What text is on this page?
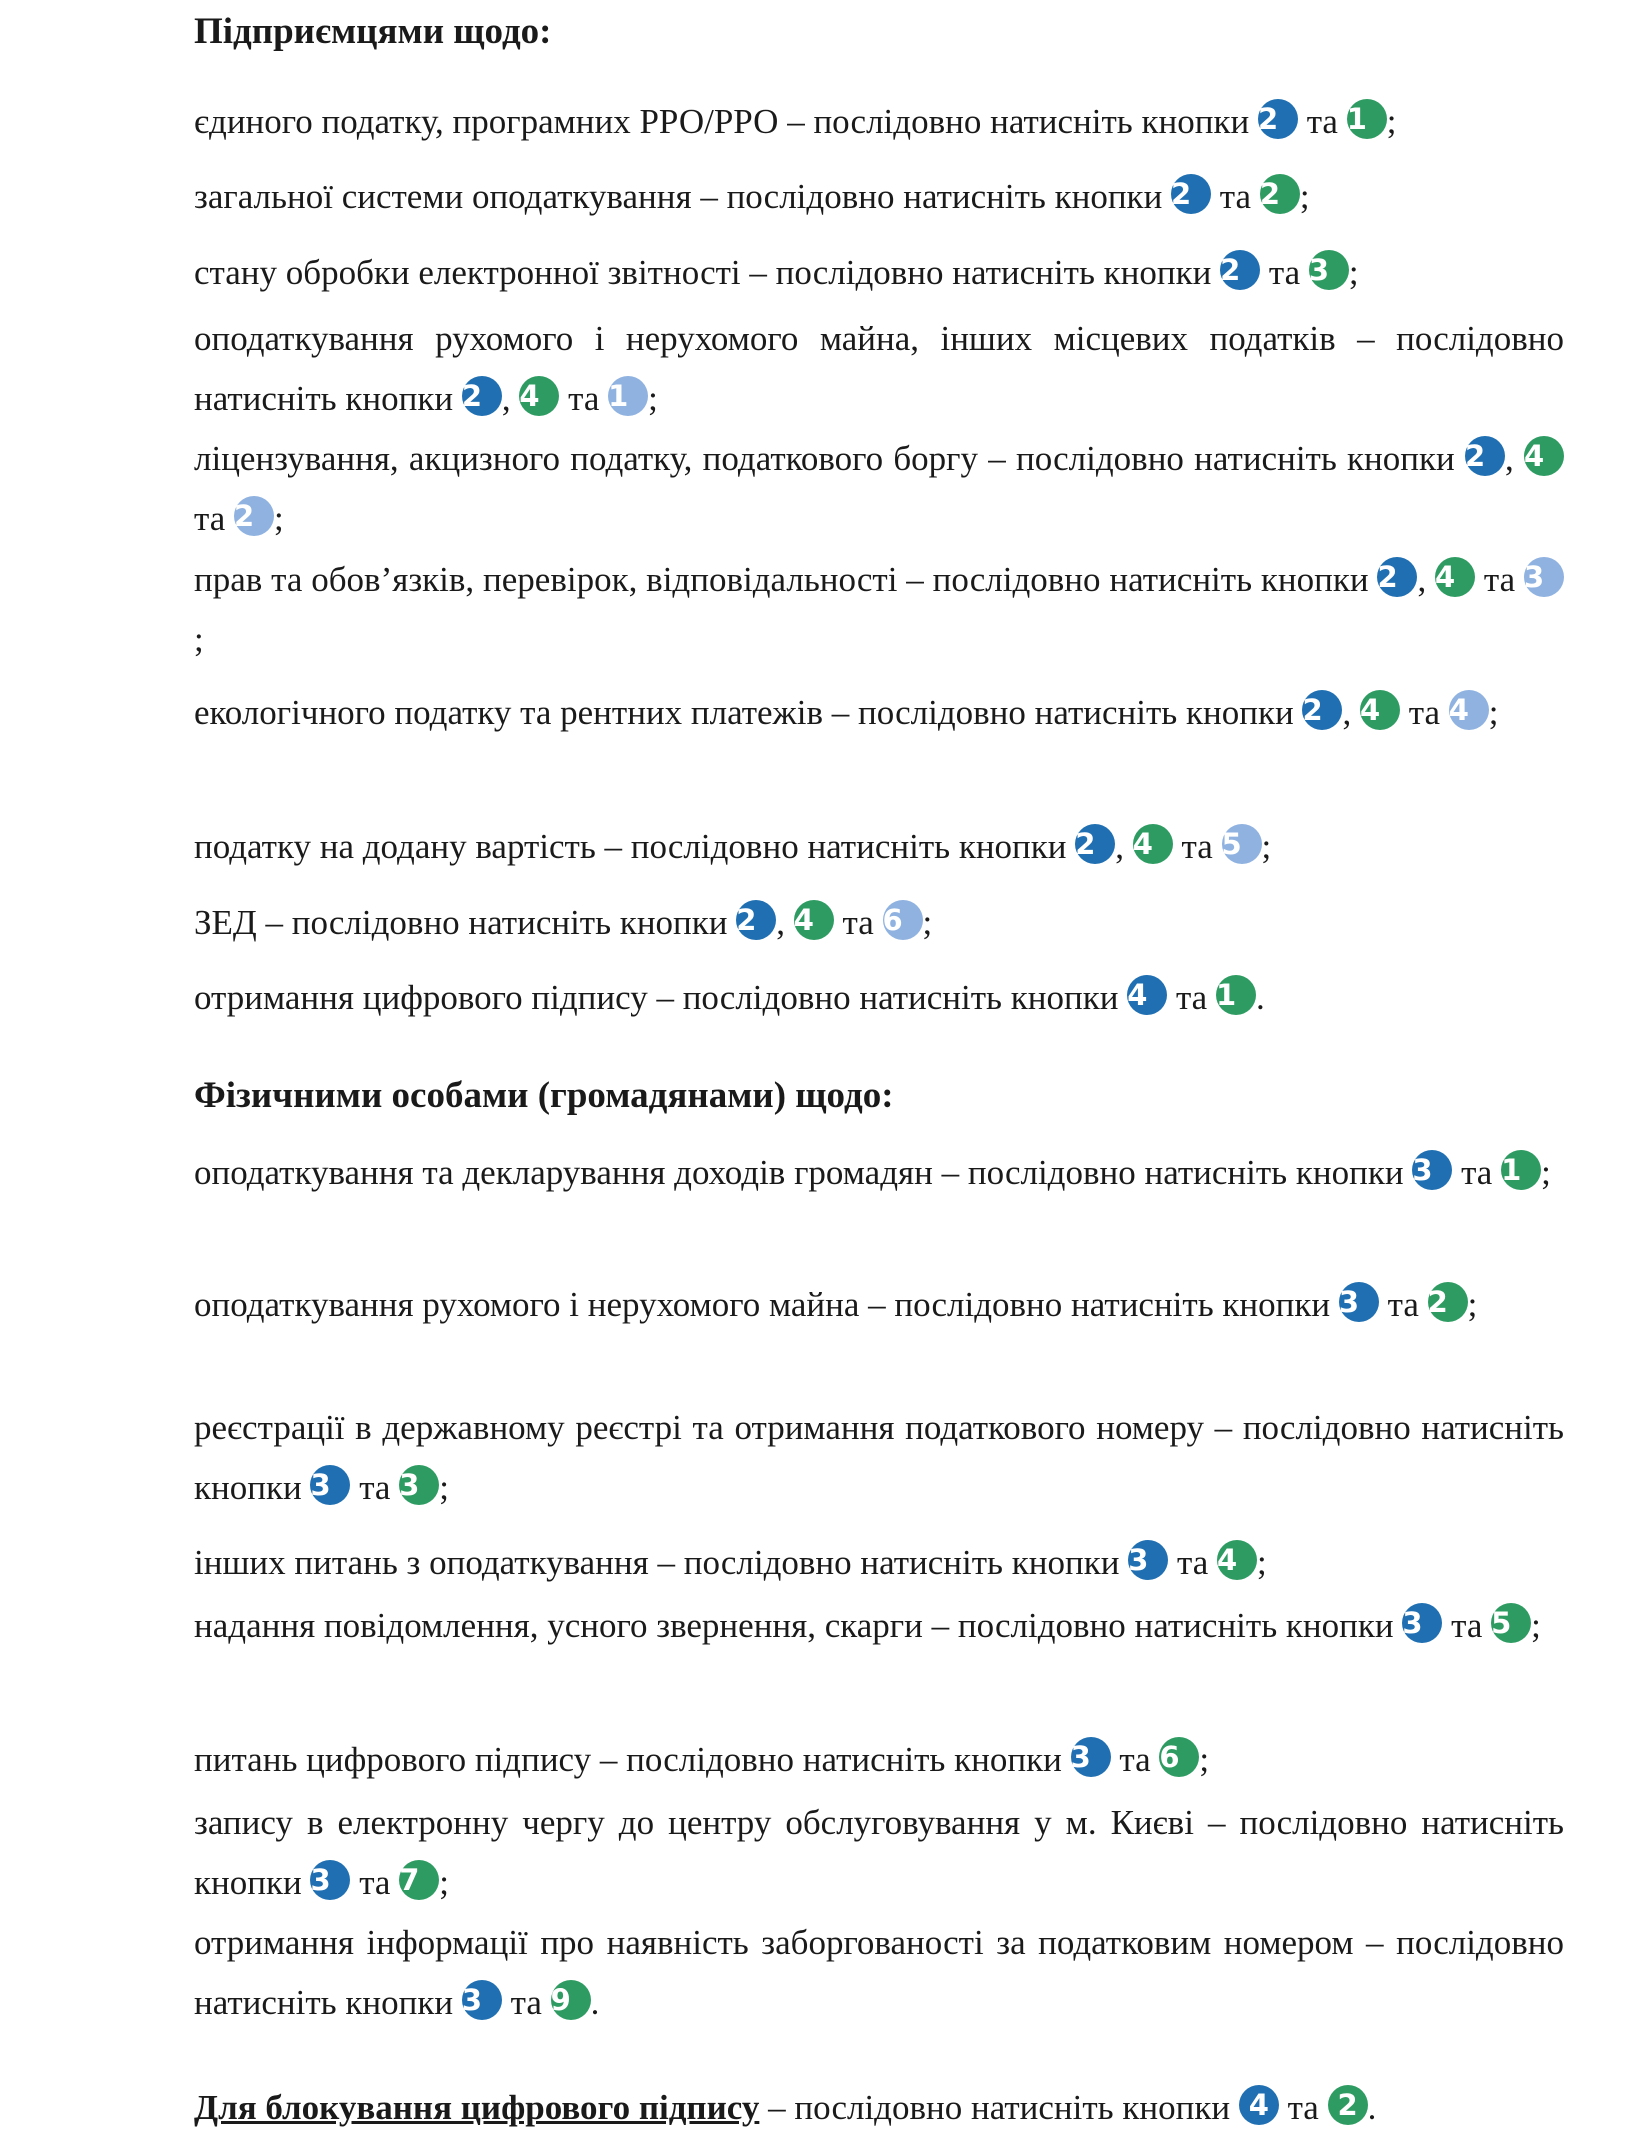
Підприємцями щодо:

єдиного податку, програмних РРО/РРО – послідовно натисніть кнопки 2 та 1 ;

загальної системи оподаткування – послідовно натисніть кнопки 2 та 2 ;

стану обробки електронної звітності – послідовно натисніть кнопки 2 та 3 ;

оподаткування рухомого і нерухомого майна, інших місцевих податків – послідовно натисніть кнопки 2 , 4 та 1 ;

ліцензування, акцизного податку, податкового боргу – послідовно натисніть кнопки 2 , 4 та 2 ;

прав та обов’язків, перевірок, відповідальності – послідовно натисніть кнопки 2 , 4 та 3;

екологічного податку та рентних платежів – послідовно натисніть кнопки 2 , 4 та 4 ;

податку на додану вартість – послідовно натисніть кнопки 2 , 4 та 5 ;

ЗЕД – послідовно натисніть кнопки 2 , 4 та 6 ;

отримання цифрового підпису – послідовно натисніть кнопки 4 та 1 .

Фізичними особами (громадянами) щодо:

оподаткування та декларування доходів громадян – послідовно натисніть кнопки 3 та 1 ;

оподаткування рухомого і нерухомого майна – послідовно натисніть кнопки 3 та 2 ;

реєстрації в державному реєстрі та отримання податкового номеру – послідовно натисніть кнопки 3 та 3 ;

інших питань з оподаткування – послідовно натисніть кнопки 3 та 4 ;

надання повідомлення, усного звернення, скарги – послідовно натисніть кнопки 3 та 5 ;

питань цифрового підпису – послідовно натисніть кнопки 3 та 6 ;

запису в електронну чергу до центру обслуговування у м. Києві – послідовно натисніть кнопки 3 та 7 ;

отримання інформації про наявність заборгованості за податковим номером – послідовно натисніть кнопки 3 та 9 .

Для блокування цифрового підпису – послідовно натисніть кнопки 4 та 2 .
